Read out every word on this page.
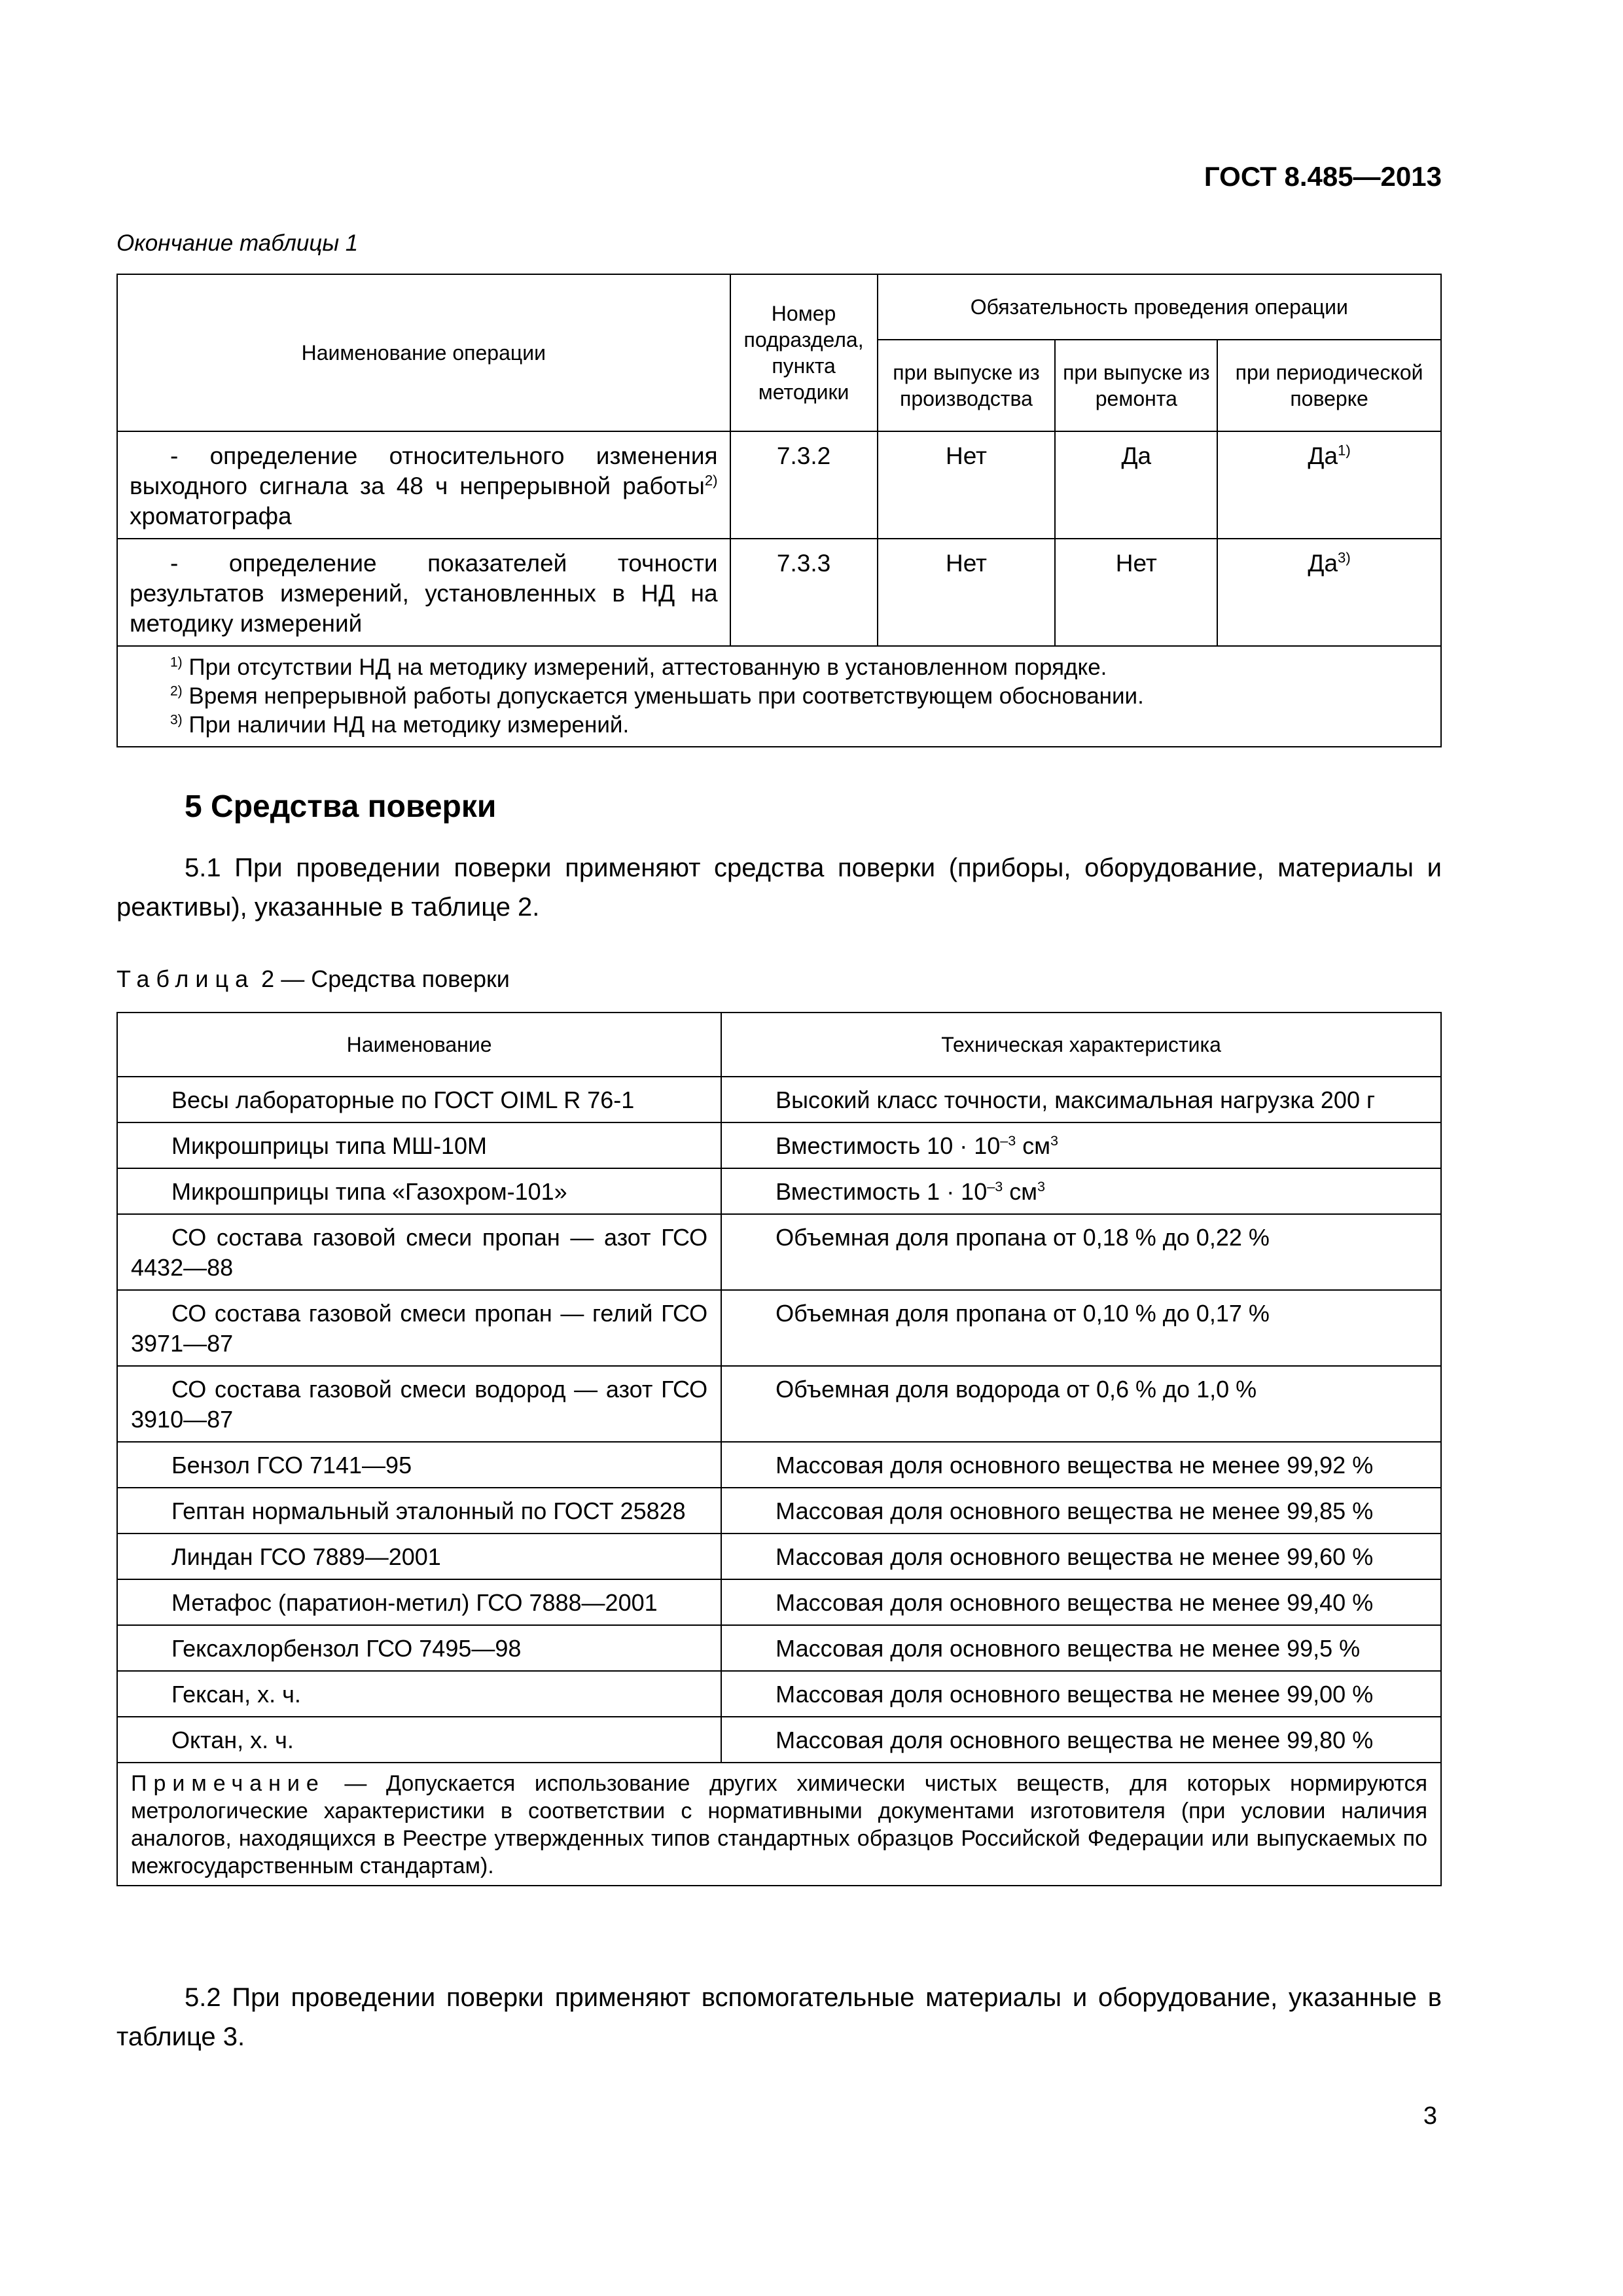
ГОСТ 8.485—2013
Окончание таблицы 1
Наименование операции	Номер подраздела, пункта методики	Обязательность проведения операции		
		при выпуске из производства	при выпуске из ремонта	при периодической поверке
- определение относительного изменения выходного сигнала за 48 ч непрерывной работы$^{2)}$ хроматографа	7.3.2	Нет	Да	$Да^{1)}$
- определение показателей точности результатов измерений, установленных в НД на методику измерений	7.3.3	Нет	Нет	$Да^{3)}$

$^{1)}$ При отсутствии НД на методику измерений, аттестованную в установленном порядке.
$^{2)}$ Время непрерывной работы допускается уменьшать при соответствующем обосновании.
$^{3)}$ При наличии НД на методику измерений.				
5 Средства поверки
5.1 При проведении поверки применяют средства поверки (приборы, оборудование, материалы и реактивы), указанные в таблице 2.
Таблица 2 — Средства поверки
Наименование	Техническая характеристика
Весы лабораторные по ГОСТ OIML R 76-1	Высокий класс точности, максимальная нагрузка 200 г
Микрошприцы типа МШ-10М	Вместимость $10 \cdot 10^{-3}$ $см^3$
Микрошприцы типа «Газохром-101»	Вместимость $1 \cdot 10^{-3}$ $см^3$
СО состава газовой смеси пропан — азот ГСО 4432—88	Объемная доля пропана от 0,18 % до 0,22 %
СО состава газовой смеси пропан — гелий ГСО 3971—87	Объемная доля пропана от 0,10 % до 0,17 %
СО состава газовой смеси водород — азот ГСО 3910—87	Объемная доля водорода от 0,6 % до 1,0 %
Бензол ГСО 7141—95	Массовая доля основного вещества не менее 99,92 %
Гептан нормальный эталонный по ГОСТ 25828	Массовая доля основного вещества не менее 99,85 %
Линдан ГСО 7889—2001	Массовая доля основного вещества не менее 99,60 %
Метафос (паратион-метил) ГСО 7888—2001	Массовая доля основного вещества не менее 99,40 %
Гексахлорбензол ГСО 7495—98	Массовая доля основного вещества не менее 99,5 %
Гексан, х. ч.	Массовая доля основного вещества не менее 99,00 %
Октан, х. ч.	Массовая доля основного вещества не менее 99,80 %
Примечание — Допускается использование других химически чистых веществ, для которых нормируются метрологические характеристики в соответствии с нормативными документами изготовителя (при условии наличия аналогов, находящихся в Реестре утвержденных типов стандартных образцов Российской Федерации или выпускаемых по межгосударственным стандартам).	
5.2 При проведении поверки применяют вспомогательные материалы и оборудование, указанные в таблице 3.
3
